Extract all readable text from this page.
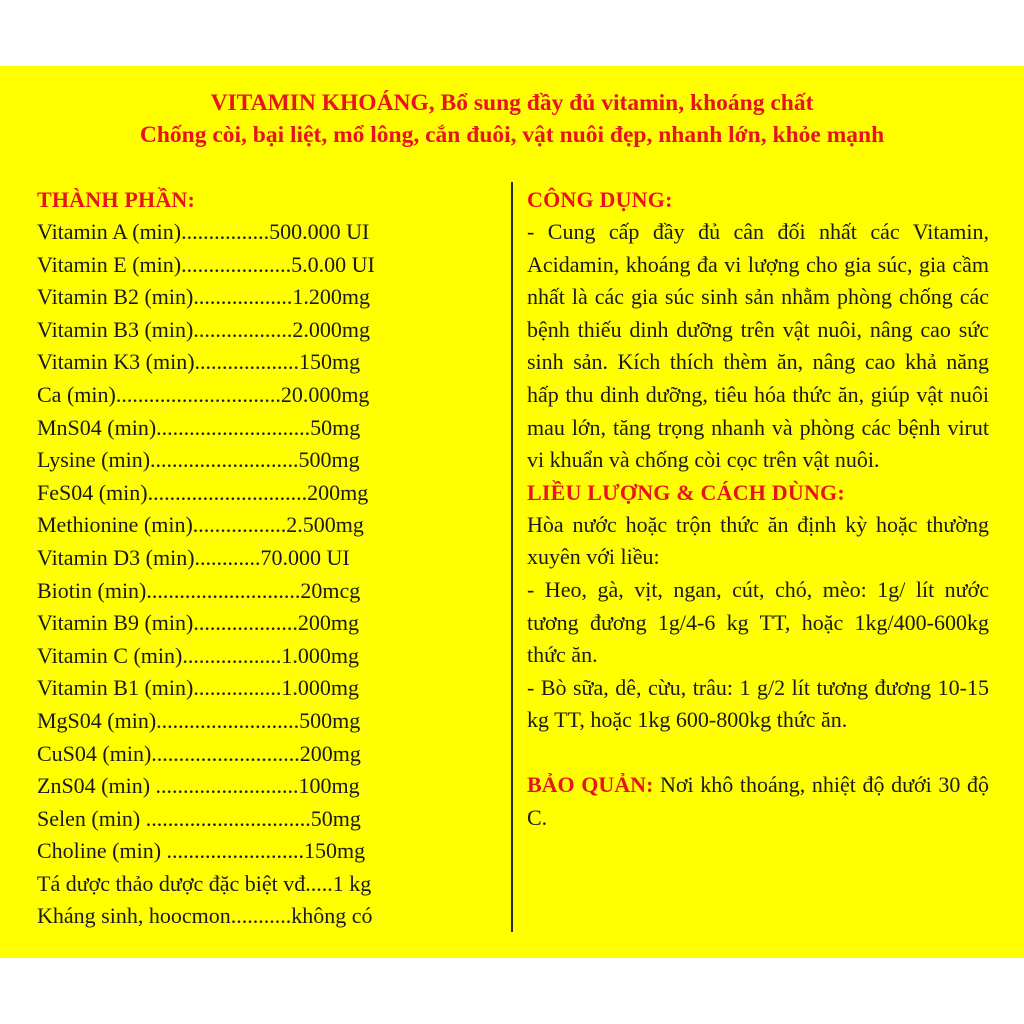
VITAMIN KHOÁNG, Bổ sung đầy đủ vitamin, khoáng chất
Chống còi, bại liệt, mổ lông, cắn đuôi, vật nuôi đẹp, nhanh lớn, khỏe mạnh
THÀNH PHẦN:
Vitamin A (min)................500.000 UI
Vitamin E (min)....................5.0.00 UI
Vitamin B2 (min)..................1.200mg
Vitamin B3 (min)..................2.000mg
Vitamin K3 (min)...................150mg
Ca (min)..............................20.000mg
MnS04 (min)............................50mg
Lysine (min)...........................500mg
FeS04 (min).............................200mg
Methionine (min).................2.500mg
Vitamin D3 (min)............70.000 UI
Biotin (min)............................20mcg
Vitamin B9 (min)...................200mg
Vitamin C (min)..................1.000mg
Vitamin B1 (min)................1.000mg
MgS04 (min)..........................500mg
CuS04 (min)...........................200mg
ZnS04 (min) ..........................100mg
Selen (min) ..............................50mg
Choline (min) .........................150mg
Tá dược thảo dược đặc biệt vđ.....1 kg
Kháng sinh, hoocmon...........không có
CÔNG DỤNG:
- Cung cấp đầy đủ cân đối nhất các Vitamin, Acidamin, khoáng đa vi lượng cho gia súc, gia cầm nhất là các gia súc sinh sản nhằm phòng chống các bệnh thiếu dinh dưỡng trên vật nuôi, nâng cao sức sinh sản. Kích thích thèm ăn, nâng cao khả năng hấp thu dinh dưỡng, tiêu hóa thức ăn, giúp vật nuôi mau lớn, tăng trọng nhanh và phòng các bệnh virut vi khuẩn và chống còi cọc trên vật nuôi.
LIỀU LƯỢNG & CÁCH DÙNG:
Hòa nước hoặc trộn thức ăn định kỳ hoặc thường xuyên với liều:
- Heo, gà, vịt, ngan, cút, chó, mèo: 1g/ lít nước tương đương 1g/4-6 kg TT, hoặc 1kg/400-600kg thức ăn.
- Bò sữa, dê, cừu, trâu: 1 g/2 lít tương đương 10-15 kg TT, hoặc 1kg 600-800kg thức ăn.
BẢO QUẢN: Nơi khô thoáng, nhiệt độ dưới 30 độ C.
